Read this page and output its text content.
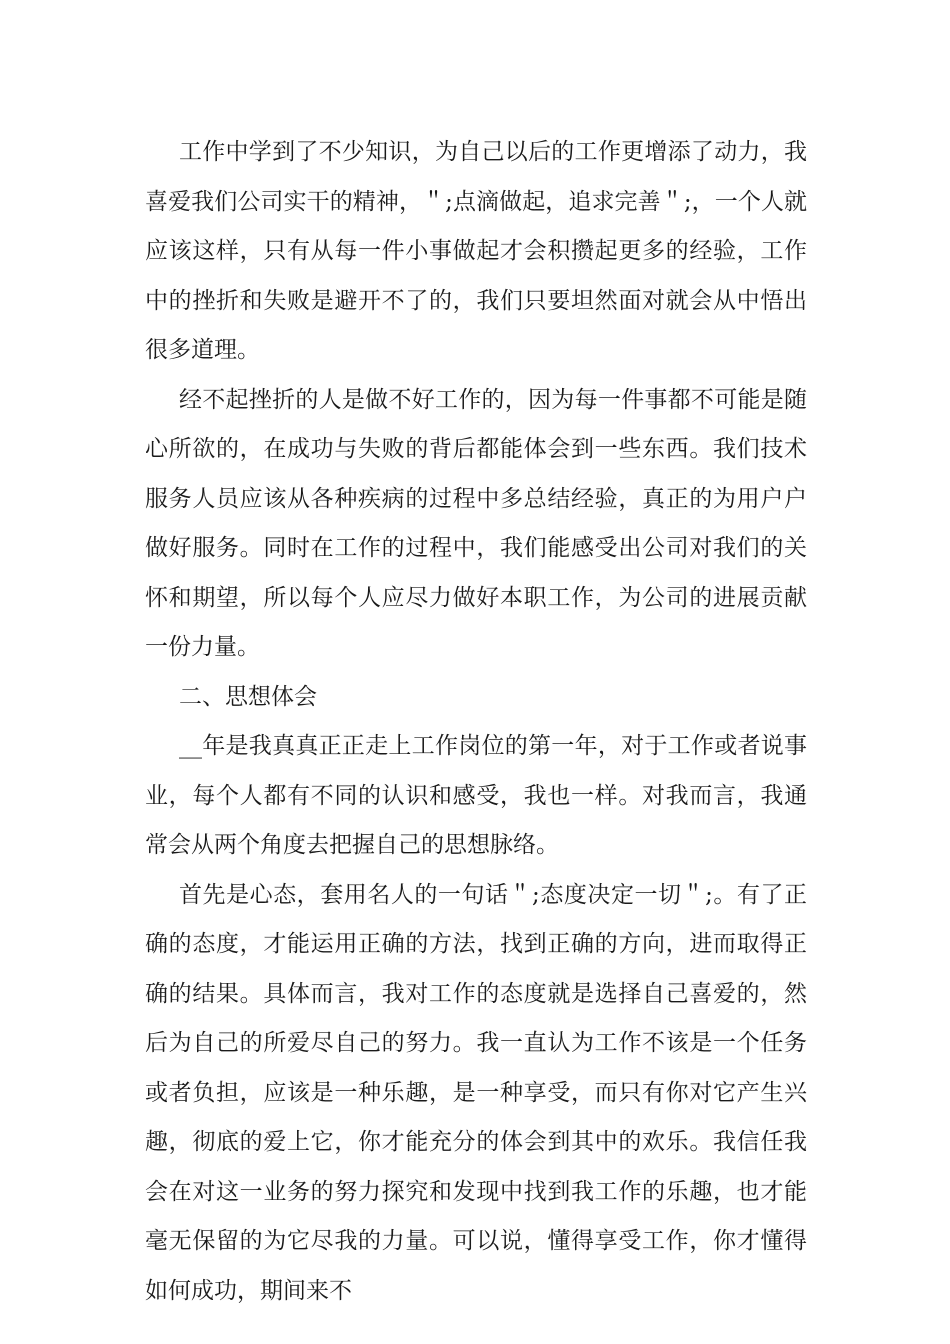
工作中学到了不少知识，为自己以后的工作更增添了动力，我喜爱我们公司实干的精神，＂;点滴做起，追求完善＂;，一个人就应该这样，只有从每一件小事做起才会积攒起更多的经验，工作中的挫折和失败是避开不了的，我们只要坦然面对就会从中悟出很多道理。

经不起挫折的人是做不好工作的，因为每一件事都不可能是随心所欲的，在成功与失败的背后都能体会到一些东西。我们技术服务人员应该从各种疾病的过程中多总结经验，真正的为用户户做好服务。同时在工作的过程中，我们能感受出公司对我们的关怀和期望，所以每个人应尽力做好本职工作，为公司的进展贡献一份力量。

二、思想体会

__年是我真真正正走上工作岗位的第一年，对于工作或者说事业，每个人都有不同的认识和感受，我也一样。对我而言，我通常会从两个角度去把握自己的思想脉络。

首先是心态，套用名人的一句话＂;态度决定一切＂;。有了正确的态度，才能运用正确的方法，找到正确的方向，进而取得正确的结果。具体而言，我对工作的态度就是选择自己喜爱的，然后为自己的所爱尽自己的努力。我一直认为工作不该是一个任务或者负担，应该是一种乐趣，是一种享受，而只有你对它产生兴趣，彻底的爱上它，你才能充分的体会到其中的欢乐。我信任我会在对这一业务的努力探究和发现中找到我工作的乐趣，也才能毫无保留的为它尽我的力量。可以说，懂得享受工作，你才懂得如何成功，期间来不
